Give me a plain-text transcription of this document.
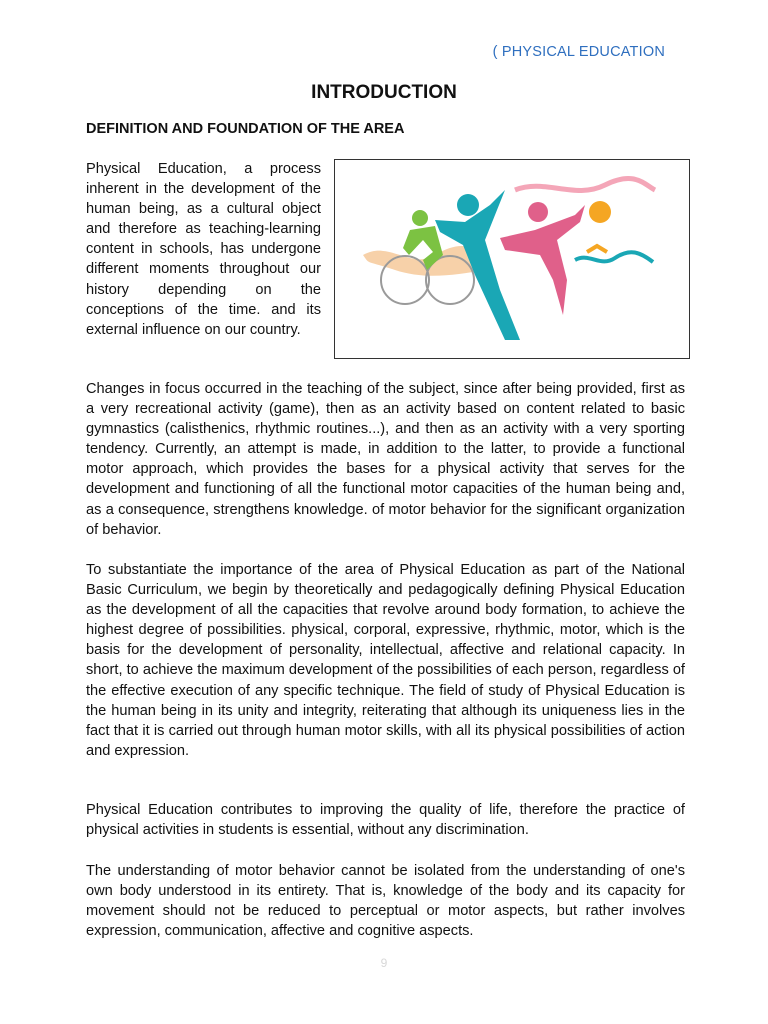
( PHYSICAL EDUCATION
INTRODUCTION
DEFINITION AND FOUNDATION OF THE AREA

Physical Education, a process inherent in the development of the human being, as a cultural object and therefore as teaching-learning content in schools, has undergone different moments throughout our history depending on the conceptions of the time. and its external influence on our country.

Changes in focus occurred in the teaching of the subject, since after being provided, first as a very recreational activity (game), then as an activity based on content related to basic gymnastics (calisthenics, rhythmic routines...), and then as an activity with a very sporting tendency. Currently, an attempt is made, in addition to the latter, to provide a functional motor approach, which provides the bases for a physical activity that serves for the development and functioning of all the functional motor capacities of the human being and, as a consequence, strengthens knowledge. of motor behavior for the significant organization of behavior.

To substantiate the importance of the area of Physical Education as part of the National Basic Curriculum, we begin by theoretically and pedagogically defining Physical Education as the development of all the capacities that revolve around body formation, to achieve the highest degree of possibilities. physical, corporal, expressive, rhythmic, motor, which is the basis for the development of personality, intellectual, affective and relational capacity. In short, to achieve the maximum development of the possibilities of each person, regardless of the effective execution of any specific technique. The field of study of Physical Education is the human being in its unity and integrity, reiterating that although its uniqueness lies in the fact that it is carried out through human motor skills, with all its physical possibilities of action and expression.

Physical Education contributes to improving the quality of life, therefore the practice of physical activities in students is essential, without any discrimination.

The understanding of motor behavior cannot be isolated from the understanding of one's own body understood in its entirety. That is, knowledge of the body and its capacity for movement should not be reduced to perceptual or motor aspects, but rather involves expression, communication, affective and cognitive aspects.

9
